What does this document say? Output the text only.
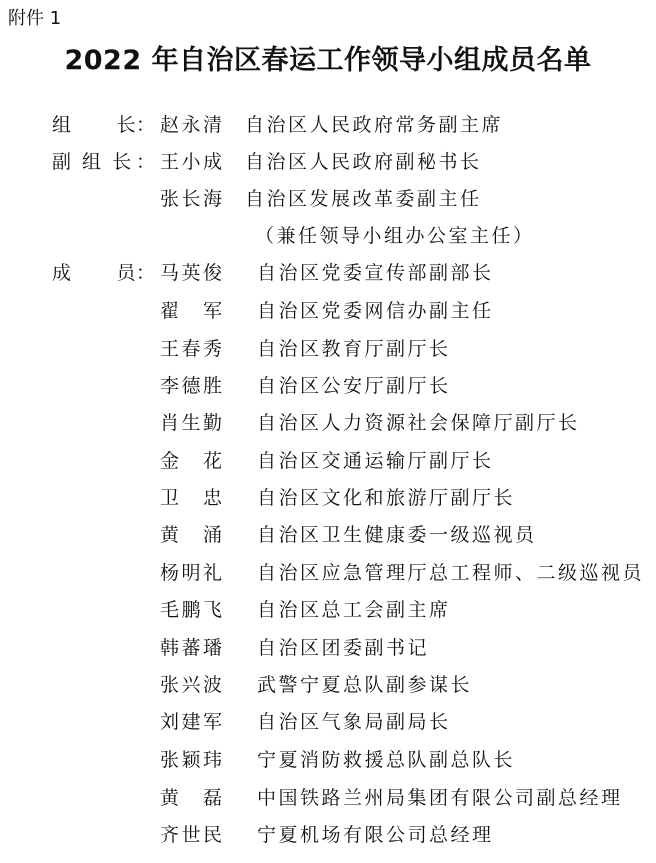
附件 1
2022 年自治区春运工作领导小组成员名单
组　　长
： 赵永清 自治区人民政府常务副主席
副 组 长 ： 王小成 自治区人民政府副秘书长
张长海 自治区发展改革委副主任
（兼任领导小组办公室主任）
成　　员
： 马英俊 自治区党委宣传部副部长
翟　军 自治区党委网信办副主任
王春秀 自治区教育厅副厅长
李德胜 自治区公安厅副厅长
肖生勤 自治区人力资源社会保障厅副厅长
金　花 自治区交通运输厅副厅长
卫　忠 自治区文化和旅游厅副厅长
黄　涌 自治区卫生健康委一级巡视员
杨明礼 自治区应急管理厅总工程师、二级巡视员
毛鹏飞 自治区总工会副主席
韩蕃璠 自治区团委副书记
张兴波 武警宁夏总队副参谋长
刘建军 自治区气象局副局长
张颖玮 宁夏消防救援总队副总队长
黄　磊 中国铁路兰州局集团有限公司副总经理
齐世民 宁夏机场有限公司总经理
